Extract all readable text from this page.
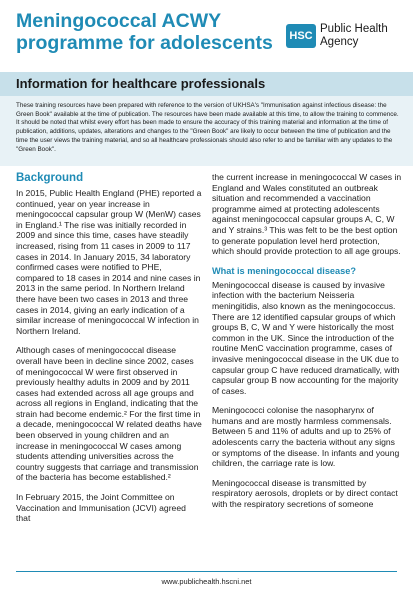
Meningococcal ACWY
programme for adolescents	HSC
Public Health
Agency
Information for healthcare professionals

These training resources have been prepared with reference to the version of UKHSA's "Immunisation against infectious disease: the Green Book" available at the time of publication. The resources have been made available at this time, to allow the training to commence. It should be noted that whilst every effort has been made to ensure the accuracy of this training material and information at the time of publication, additions, updates, alterations and changes to the "Green Book" are likely to occur between the time of publication and the time the user views the training material, and so all healthcare professionals should also refer to and be familiar with any updates to the "Green Book".

Background

In 2015, Public Health England (PHE) reported a continued, year on year increase in meningococcal capsular group W (MenW) cases in England.¹ The rise was initially recorded in 2009 and since this time, cases have steadily increased, rising from 11 cases in 2009 to 117 cases in 2014. In January 2015, 34 laboratory confirmed cases were notified to PHE, compared to 18 cases in 2014 and nine cases in 2013 in the same period. In Northern Ireland there have been two cases in 2013 and three cases in 2014, giving an early indication of a similar increase of meningococcal W infection in Northern Ireland.

Although cases of meningococcal disease overall have been in decline since 2002, cases of meningococcal W were first observed in previously healthy adults in 2009 and by 2011 cases had extended across all age groups and across all regions in England, indicating that the strain had become endemic.² For the first time in a decade, meningococcal W related deaths have been observed in young children and an increase in meningococcal W cases among students attending universities across the country suggests that carriage and transmission of the bacteria has become established.²

In February 2015, the Joint Committee on Vaccination and Immunisation (JCVI) agreed that

the current increase in meningococcal W cases in England and Wales constituted an outbreak situation and recommended a vaccination programme aimed at protecting adolescents against meningococcal capsular groups A, C, W and Y strains.³ This was felt to be the best option to generate population level herd protection, which should provide protection to all age groups.

What is meningococcal disease?

Meningococcal disease is caused by invasive infection with the bacterium Neisseria meningitidis, also known as the meningococcus. There are 12 identified capsular groups of which groups B, C, W and Y were historically the most common in the UK. Since the introduction of the routine MenC vaccination programme, cases of invasive meningococcal disease in the UK due to capsular group C have reduced dramatically, with capsular group B now accounting for the majority of cases.

Meningococci colonise the nasopharynx of humans and are mostly harmless commensals. Between 5 and 11% of adults and up to 25% of adolescents carry the bacteria without any signs or symptoms of the disease. In infants and young children, the carriage rate is low.

Meningococcal disease is transmitted by respiratory aerosols, droplets or by direct contact with the respiratory secretions of someone

www.publichealth.hscni.net
